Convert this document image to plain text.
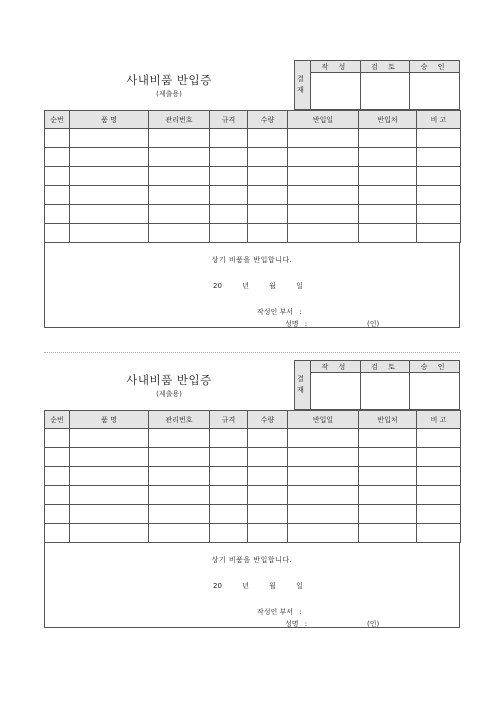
사내비품 반입증
(제출용)
결
재	작 성	검 토	승 인

순번	품 명	관리번호	규격	수량	반입일	반입처	비 고

상기 비품을 반입합니다.
20	년	월	일
작성인 부서 :
성명 :	(인)
사내비품 반입증
(제출용)
결
재	작 성	검 토	승 인

순번	품 명	관리번호	규격	수량	반입일	반입처	비 고

상기 비품을 반입합니다.
20	년	월	일
작성인 부서 :
성명 :	(인)
